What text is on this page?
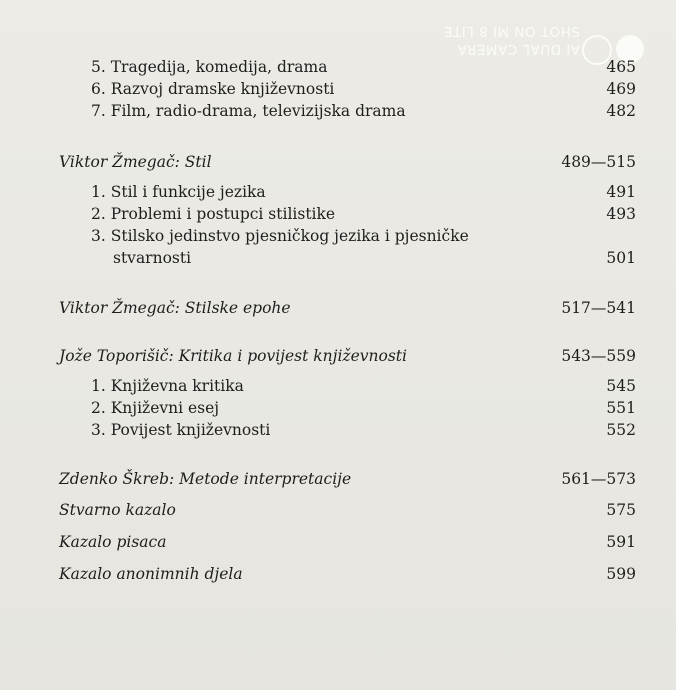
AI DUAL CAMERA
SHOT ON MI 8 LITE
5. Tragedija, komedija, drama	465
6. Razvoj dramske književnosti	469
7. Film, radio-drama, televizijska drama	482
Viktor Žmegač: Stil	489—515
1. Stil i funkcije jezika	491
2. Problemi i postupci stilistike	493
3. Stilsko jedinstvo pjesničkog jezika i pjesničke
stvarnosti	501
Viktor Žmegač: Stilske epohe	517—541
Jože Toporišič: Kritika i povijest književnosti	543—559
1. Književna kritika	545
2. Književni esej	551
3. Povijest književnosti	552
Zdenko Škreb: Metode interpretacije	561—573
Stvarno kazalo	575
Kazalo pisaca	591
Kazalo anonimnih djela	599
